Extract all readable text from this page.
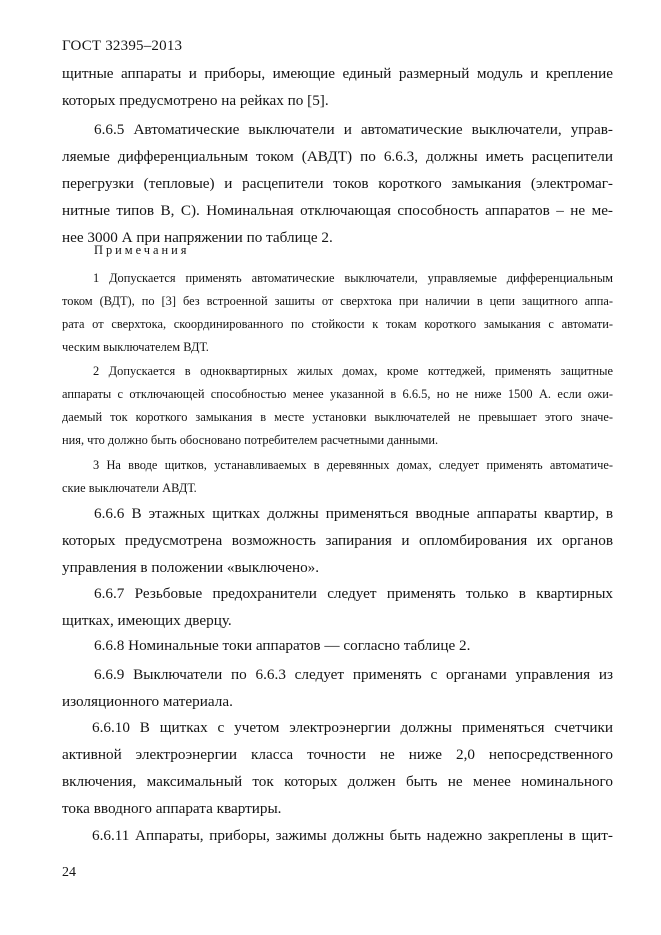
ГОСТ 32395–2013
щитные аппараты и приборы, имеющие единый размерный модуль и крепление
которых предусмотрено на рейках по [5].
6.6.5 Автоматические выключатели и автоматические выключатели, управ-
ляемые дифференциальным током (АВДТ) по 6.6.3, должны иметь расцепители
перегрузки (тепловые) и расцепители токов короткого замыкания (электромаг-
нитные типов В, С). Номинальная отключающая способность аппаратов – не ме-
нее 3000 А при напряжении по таблице 2.
Примечания
1 Допускается применять автоматические выключатели, управляемые дифференциальным
током (ВДТ), по [3] без встроенной зашиты от сверхтока при наличии в цепи защитного аппа-
рата от сверхтока, скоординированного по стойкости к токам короткого замыкания с автомати-
ческим выключателем ВДТ.
2 Допускается в одноквартирных жилых домах, кроме коттеджей, применять защитные
аппараты с отключающей способностью менее указанной в 6.6.5, но не ниже 1500 А. если ожи-
даемый ток короткого замыкания в месте установки выключателей не превышает этого значе-
ния, что должно быть обосновано потребителем расчетными данными.
3 На вводе щитков, устанавливаемых в деревянных домах, следует применять автоматиче-
ские выключатели АВДТ.
6.6.6 В этажных щитках должны применяться вводные аппараты квартир, в
которых предусмотрена возможность запирания и опломбирования их органов
управления в положении «выключено».
6.6.7 Резьбовые предохранители следует применять только в квартирных
щитках, имеющих дверцу.
6.6.8 Номинальные токи аппаратов — согласно таблице 2.
6.6.9 Выключатели по 6.6.3 следует применять с органами управления из
изоляционного материала.
6.6.10 В щитках с учетом электроэнергии должны применяться счетчики
активной электроэнергии класса точности не ниже 2,0 непосредственного
включения, максимальный ток которых должен быть не менее номинального
тока вводного аппарата квартиры.
6.6.11 Аппараты, приборы, зажимы должны быть надежно закреплены в щит-
24
